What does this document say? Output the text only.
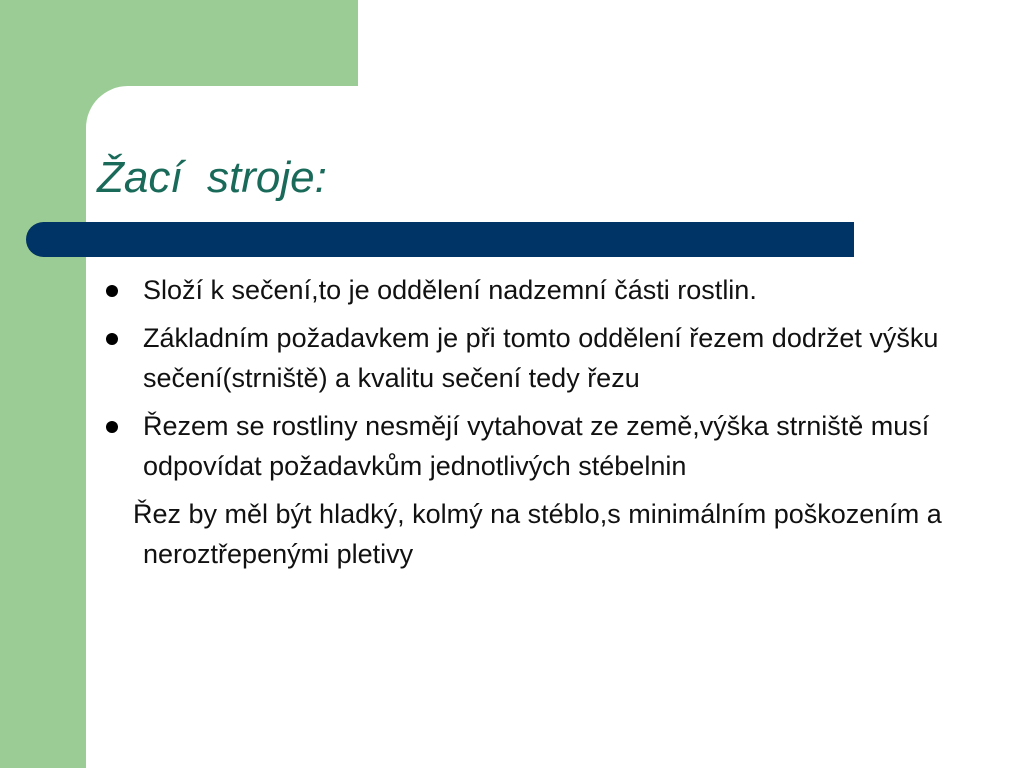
Žací  stroje:
Složí k sečení,to je oddělení nadzemní části rostlin.
Základním požadavkem je při tomto oddělení řezem dodržet výšku sečení(strniště) a kvalitu sečení tedy řezu
Řezem se rostliny nesmějí vytahovat ze země,výška strniště musí odpovídat požadavkům jednotlivých stébelnin
Řez by měl být hladký, kolmý na stéblo,s minimálním poškozením a neroztřepenými pletivy
